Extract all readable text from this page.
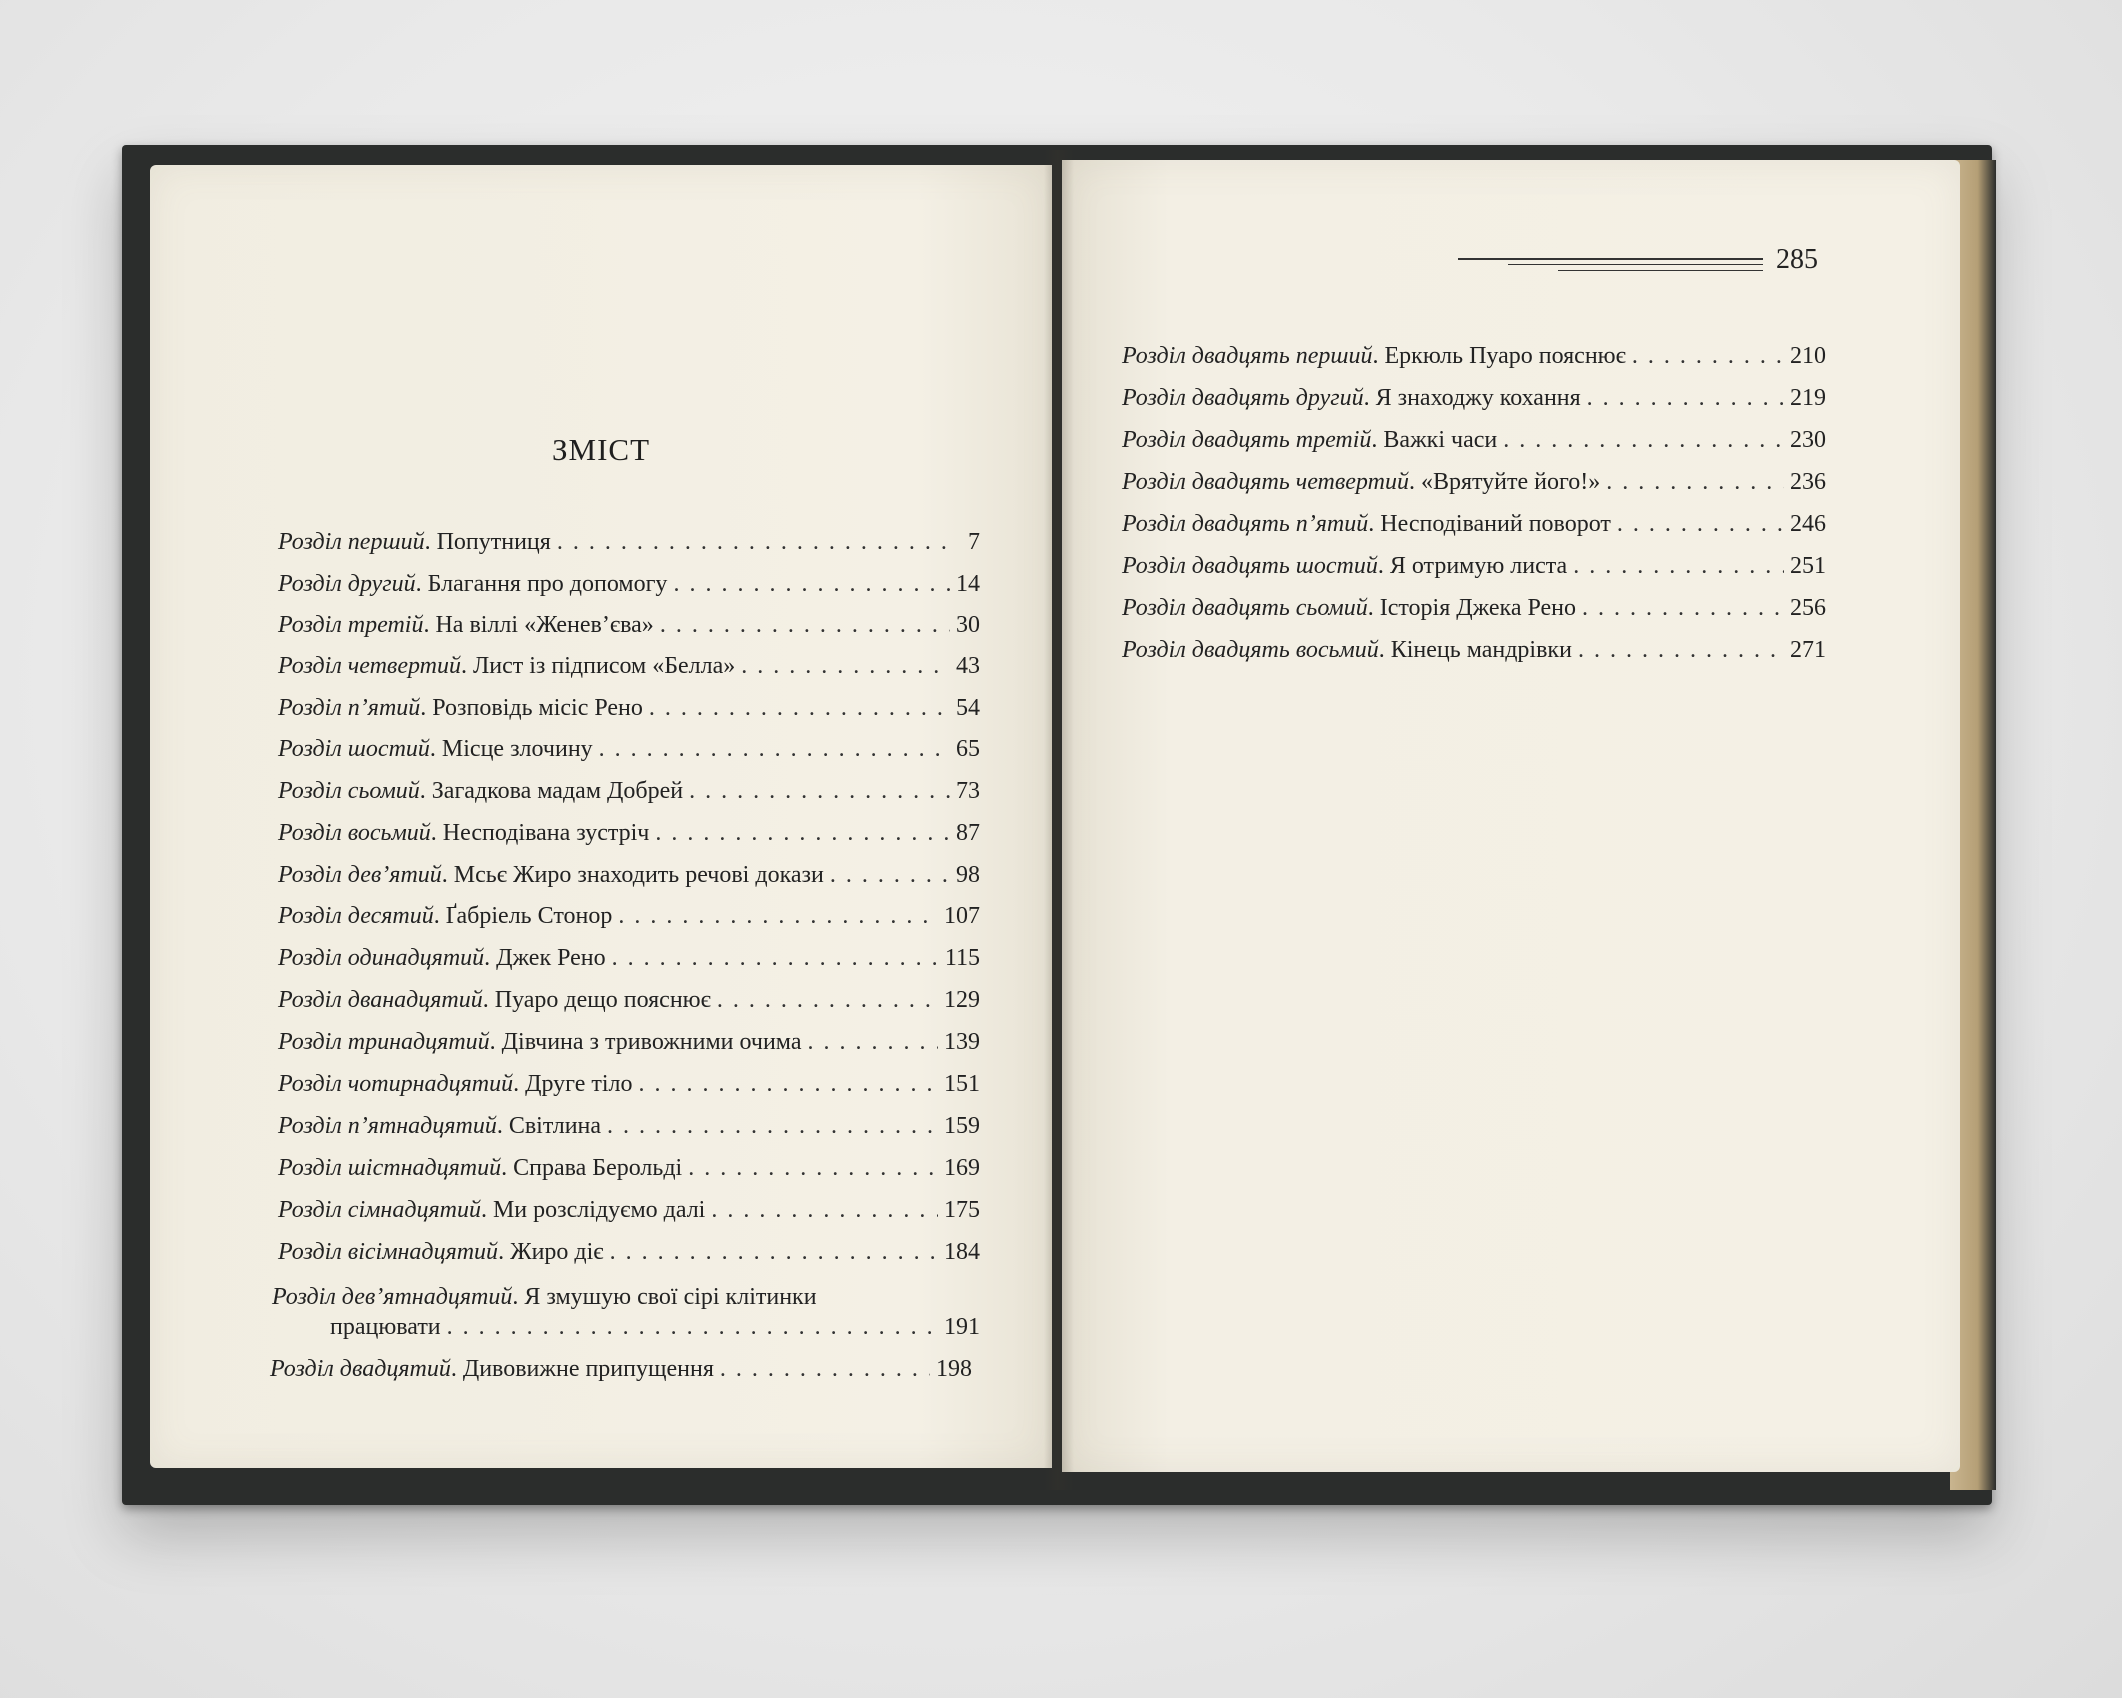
ЗМІСТ
Розділ перший . Попутниця . . .	7
Розділ другий . Благання про допомогу . . .	14
Розділ третій . На віллі «Женев’єва» . . .	30
Розділ четвертий . Лист із підписом «Белла» . . .	43
Розділ п’ятий . Розповідь місіс Рено . . .	54
Розділ шостий . Місце злочину . . .	65
Розділ сьомий . Загадкова мадам Добрей . . .	73
Розділ восьмий . Несподівана зустріч . . .	87
Розділ дев’ятий . Мсьє Жиро знаходить речові докази . . .	98
Розділ десятий . Ґабріель Стонор . . .	107
Розділ одинадцятий . Джек Рено . . .	115
Розділ дванадцятий . Пуаро дещо пояснює . . .	129
Розділ тринадцятий . Дівчина з тривожними очима . . .	139
Розділ чотирнадцятий . Друге тіло . . .	151
Розділ п’ятнадцятий . Світлина . . .	159
Розділ шістнадцятий . Справа Берольді . . .	169
Розділ сімнадцятий . Ми розслідуємо далі . . .	175
Розділ вісімнадцятий . Жиро діє . . .	184
Розділ дев’ятнадцятий. Я змушую свої сірі клітинки
працювати . . .	191
Розділ двадцятий . Дивовижне припущення . . .	198
285
Розділ двадцять перший . Еркюль Пуаро пояснює . . .	210
Розділ двадцять другий . Я знаходжу кохання . . .	219
Розділ двадцять третій . Важкі часи . . .	230
Розділ двадцять четвертий . «Врятуйте його!» . . .	236
Розділ двадцять п’ятий . Несподіваний поворот . . .	246
Розділ двадцять шостий . Я отримую листа . . .	251
Розділ двадцять сьомий . Історія Джека Рено . . .	256
Розділ двадцять восьмий . Кінець мандрівки . . .	271
